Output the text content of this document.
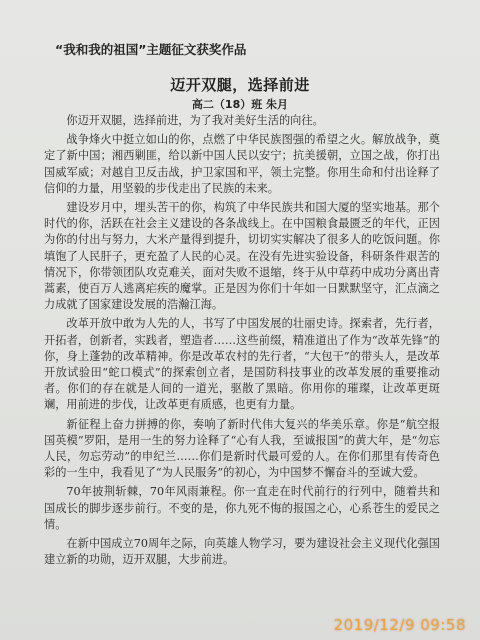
“我和我的祖国”主题征文获奖作品
迈开双腿，选择前进
高二（18）班 朱月

你迈开双腿，选择前进，为了我对美好生活的向往。

战争烽火中挺立如山的你，点燃了中华民族图强的希望之火。解放战争，奠定了新中国；湘西剿匪，给以新中国人民以安宁；抗美援朝，立国之战，你打出国威军威；对越自卫反击战，护卫家国和平，领土完整。你用生命和付出诠释了信仰的力量，用坚毅的步伐走出了民族的未来。

建设岁月中，埋头苦干的你，构筑了中华民族共和国大厦的坚实地基。那个时代的你，活跃在社会主义建设的各条战线上。在中国粮食最匮乏的年代，正因为你的付出与努力，大米产量得到提升，切切实实解决了很多人的吃饭问题。你填饱了人民肝子，更充盈了人民的心灵。在没有先进实验设备，科研条件艰苦的情况下，你带领团队攻克难关，面对失败不退缩，终于从中草药中成功分离出青蒿素，使百万人逃离疟疾的魔掌。正是因为你们十年如一日默默坚守，汇点滴之力成就了国家建设发展的浩瀚江海。

改革开放中敢为人先的人，书写了中国发展的壮丽史诗。探索者，先行者，开拓者，创新者，实践者，塑造者……这些前缀，精准道出了作为“改革先锋”的你，身上蓬勃的改革精神。你是改革农村的先行者，“大包干”的带头人，是改革开放试验田“蛇口模式”的探索创立者，是国防科技事业的改革发展的重要推动者。你们的存在就是人间的一道光，驱散了黑暗。你用你的璀璨，让改革更斑斓，用前进的步伐，让改革更有质感，也更有力量。

新征程上奋力拼搏的你，奏响了新时代伟大复兴的华美乐章。你是“航空报国英模”罗阳，是用一生的努力诠释了“心有人我，至诚报国”的黄大年，是“勿忘人民，勿忘劳动”的申纪兰……你们是新时代最可爱的人。在你们那里有传奇色彩的一生中，我看见了“为人民服务”的初心，为中国梦不懈奋斗的至诚大爱。

70年披荆斩棘，70年风雨兼程。你一直走在时代前行的行列中，随着共和国成长的脚步逐步前行。不变的是，你九死不悔的报国之心，心系苍生的爱民之情。

在新中国成立70周年之际，向英雄人物学习，要为建设社会主义现代化强国建立新的功勋，迈开双腿，大步前进。

2019/12/9 09:58
